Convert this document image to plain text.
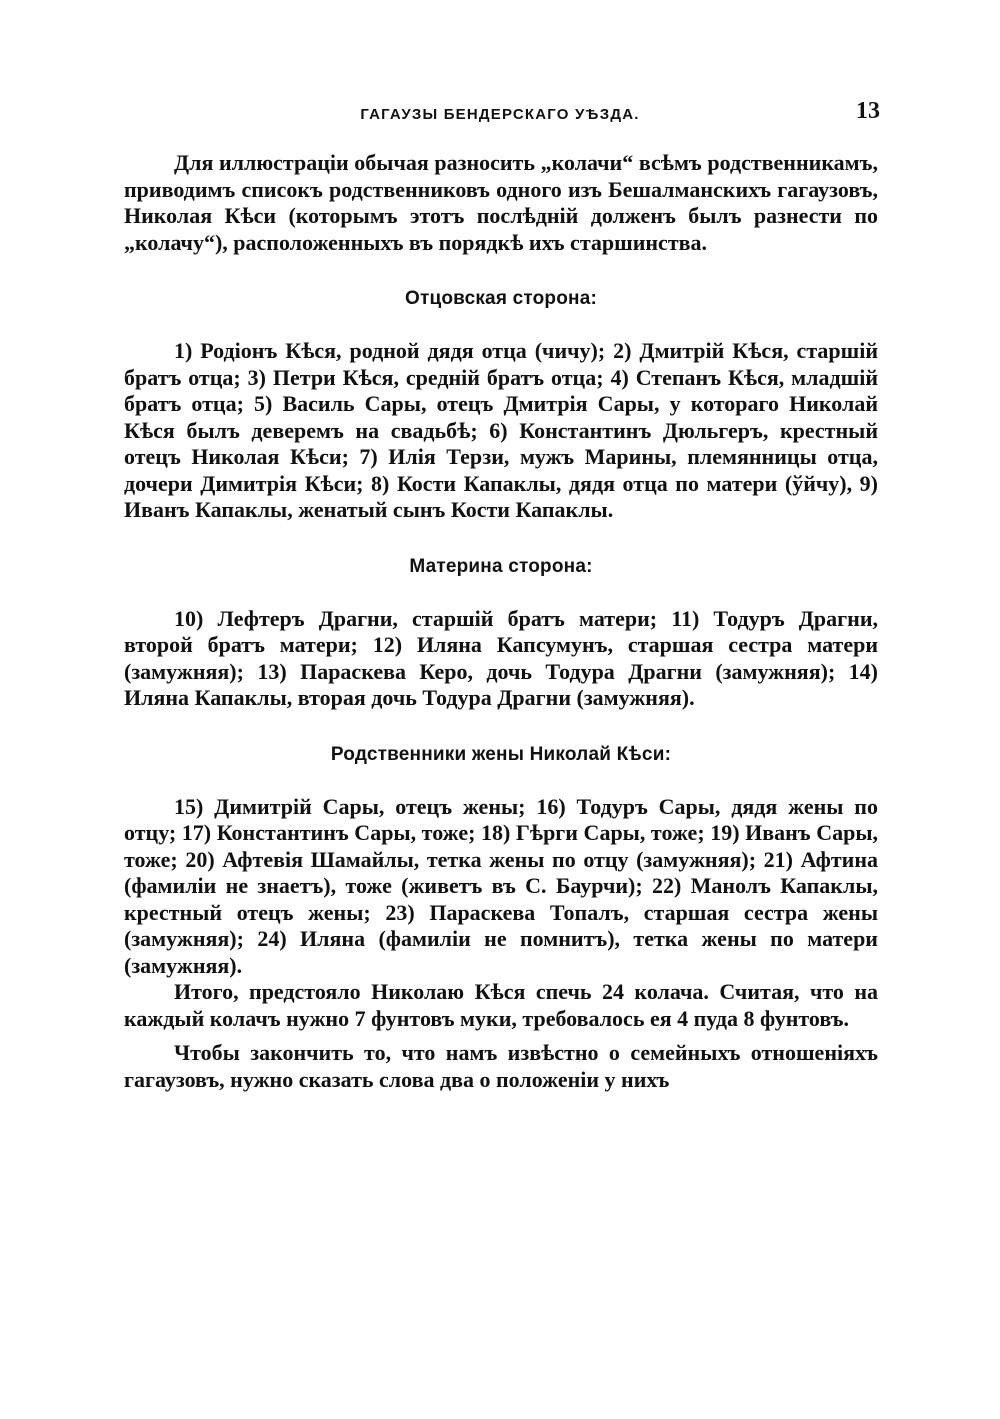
ГАГАУЗЫ БЕНДЕРСКАГО УѢЗДА.	13

Для иллюстраціи обычая разносить „колачи“ всѣмъ родственникамъ, приводимъ списокъ родственниковъ одного изъ Бешалманскихъ гагаузовъ, Николая Кѣси (которымъ этотъ послѣдній долженъ былъ разнести по „колачу“), расположенныхъ въ порядкѣ ихъ старшинства.

Отцовская сторона:

1) Родіонъ Кѣся, родной дядя отца (чичу); 2) Дмитрій Кѣся, старшій братъ отца; 3) Петри Кѣся, средній братъ отца; 4) Степанъ Кѣся, младшій братъ отца; 5) Василь Сары, отецъ Дмитрія Сары, у котораго Николай Кѣся былъ деверемъ на свадьбѣ; 6) Константинъ Дюльгеръ, крестный отецъ Николая Кѣси; 7) Илія Терзи, мужъ Марины, племянницы отца, дочери Димитрія Кѣси; 8) Кости Капаклы, дядя отца по матери (ўйчу), 9) Иванъ Капаклы, женатый сынъ Кости Капаклы.

Материна сторона:

10) Лефтеръ Драгни, старшій братъ матери; 11) Тодуръ Драгни, второй братъ матери; 12) Иляна Капсумунъ, старшая сестра матери (замужняя); 13) Параскева Керо, дочь Тодура Драгни (замужняя); 14) Иляна Капаклы, вторая дочь Тодура Драгни (замужняя).

Родственники жены Николай Кѣси:

15) Димитрій Сары, отецъ жены; 16) Тодуръ Сары, дядя жены по отцу; 17) Константинъ Сары, тоже; 18) Гѣрги Сары, тоже; 19) Иванъ Сары, тоже; 20) Афтевія Шамайлы, тетка жены по отцу (замужняя); 21) Афтина (фамиліи не знаетъ), тоже (живетъ въ С. Баурчи); 22) Манолъ Капаклы, крестный отецъ жены; 23) Параскева Топалъ, старшая сестра жены (замужняя); 24) Иляна (фамиліи не помнитъ), тетка жены по матери (замужняя).

Итого, предстояло Николаю Кѣся спечь 24 колача. Считая, что на каждый колачъ нужно 7 фунтовъ муки, требовалось ея 4 пуда 8 фунтовъ.

Чтобы закончить то, что намъ извѣстно о семейныхъ отношеніяхъ гагаузовъ, нужно сказать слова два о положеніи у нихъ
